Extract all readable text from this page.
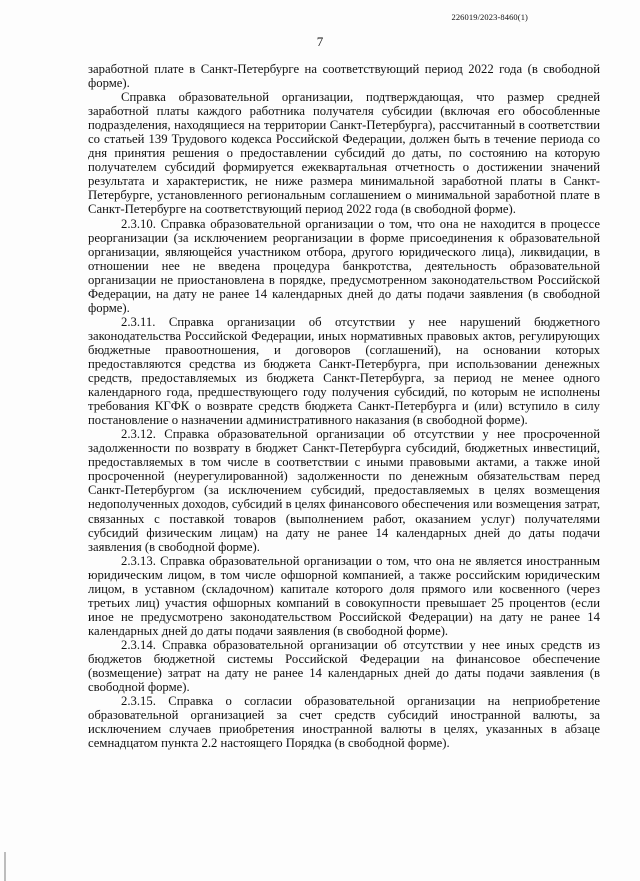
226019/2023-8460(1)
7

заработной плате в Санкт-Петербурге на соответствующий период 2022 года (в свободной форме).

Справка образовательной организации, подтверждающая, что размер средней заработной платы каждого работника получателя субсидии (включая его обособленные подразделения, находящиеся на территории Санкт-Петербурга), рассчитанный в соответствии со статьей 139 Трудового кодекса Российской Федерации, должен быть в течение периода со дня принятия решения о предоставлении субсидий до даты, по состоянию на которую получателем субсидий формируется ежеквартальная отчетность о достижении значений результата и характеристик, не ниже размера минимальной заработной платы в Санкт-Петербурге, установленного региональным соглашением о минимальной заработной плате в Санкт-Петербурге на соответствующий период 2022 года (в свободной форме).

2.3.10. Справка образовательной организации о том, что она не находится в процессе реорганизации (за исключением реорганизации в форме присоединения к образовательной организации, являющейся участником отбора, другого юридического лица), ликвидации, в отношении нее не введена процедура банкротства, деятельность образовательной организации не приостановлена в порядке, предусмотренном законодательством Российской Федерации, на дату не ранее 14 календарных дней до даты подачи заявления (в свободной форме).

2.3.11. Справка организации об отсутствии у нее нарушений бюджетного законодательства Российской Федерации, иных нормативных правовых актов, регулирующих бюджетные правоотношения, и договоров (соглашений), на основании которых предоставляются средства из бюджета Санкт-Петербурга, при использовании денежных средств, предоставляемых из бюджета Санкт-Петербурга, за период не менее одного календарного года, предшествующего году получения субсидий, по которым не исполнены требования КГФК о возврате средств бюджета Санкт-Петербурга и (или) вступило в силу постановление о назначении административного наказания (в свободной форме).

2.3.12. Справка образовательной организации об отсутствии у нее просроченной задолженности по возврату в бюджет Санкт-Петербурга субсидий, бюджетных инвестиций, предоставляемых в том числе в соответствии с иными правовыми актами, а также иной просроченной (неурегулированной) задолженности по денежным обязательствам перед Санкт-Петербургом (за исключением субсидий, предоставляемых в целях возмещения недополученных доходов, субсидий в целях финансового обеспечения или возмещения затрат, связанных с поставкой товаров (выполнением работ, оказанием услуг) получателями субсидий физическим лицам) на дату не ранее 14 календарных дней до даты подачи заявления (в свободной форме).

2.3.13. Справка образовательной организации о том, что она не является иностранным юридическим лицом, в том числе офшорной компанией, а также российским юридическим лицом, в уставном (складочном) капитале которого доля прямого или косвенного (через третьих лиц) участия офшорных компаний в совокупности превышает 25 процентов (если иное не предусмотрено законодательством Российской Федерации) на дату не ранее 14 календарных дней до даты подачи заявления (в свободной форме).

2.3.14. Справка образовательной организации об отсутствии у нее иных средств из бюджетов бюджетной системы Российской Федерации на финансовое обеспечение (возмещение) затрат на дату не ранее 14 календарных дней до даты подачи заявления (в свободной форме).

2.3.15. Справка о согласии образовательной организации на неприобретение образовательной организацией за счет средств субсидий иностранной валюты, за исключением случаев приобретения иностранной валюты в целях, указанных в абзаце семнадцатом пункта 2.2 настоящего Порядка (в свободной форме).
